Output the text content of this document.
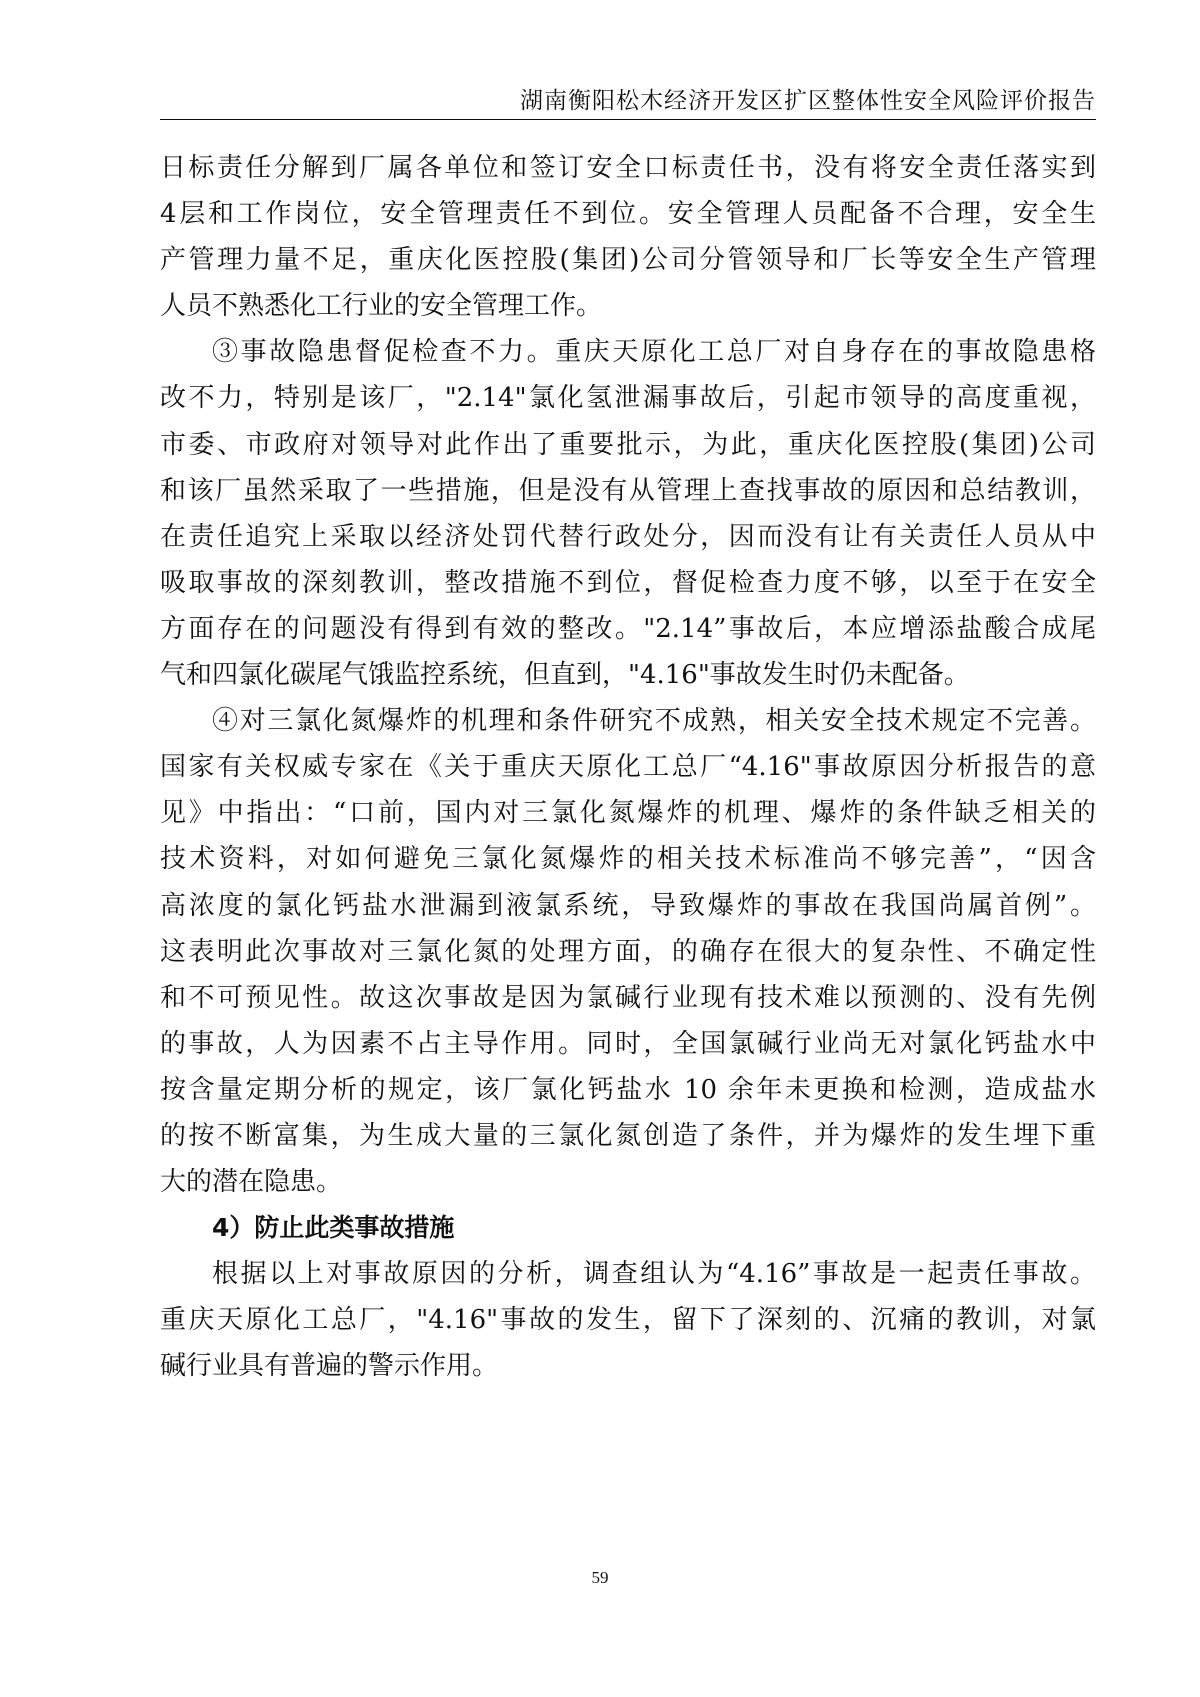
湖南衡阳松木经济开发区扩区整体性安全风险评价报告
日标责任分解到厂属各单位和签订安全口标责任书，没有将安全责任落实到
4层和工作岗位，安全管理责任不到位。安全管理人员配备不合理，安全生
产管理力量不足，重庆化医控股(集团)公司分管领导和厂长等安全生产管理
人员不熟悉化工行业的安全管理工作。
③事故隐患督促检查不力。重庆天原化工总厂对自身存在的事故隐患格
改不力，特别是该厂，"2.14"氯化氢泄漏事故后，引起市领导的高度重视，
市委、市政府对领导对此作出了重要批示，为此，重庆化医控股(集团)公司
和该厂虽然采取了一些措施，但是没有从管理上查找事故的原因和总结教训，
在责任追究上采取以经济处罚代替行政处分，因而没有让有关责任人员从中
吸取事故的深刻教训，整改措施不到位，督促检查力度不够，以至于在安全
方面存在的问题没有得到有效的整改。"2.14”事故后，本应增添盐酸合成尾
气和四氯化碳尾气饿监控系统，但直到，"4.16"事故发生时仍未配备。
④对三氯化氮爆炸的机理和条件研究不成熟，相关安全技术规定不完善。
国家有关权威专家在《关于重庆天原化工总厂“4.16"事故原因分析报告的意
见》中指出：“口前，国内对三氯化氮爆炸的机理、爆炸的条件缺乏相关的
技术资料，对如何避免三氯化氮爆炸的相关技术标准尚不够完善”，“因含
高浓度的氯化钙盐水泄漏到液氯系统，导致爆炸的事故在我国尚属首例”。
这表明此次事故对三氯化氮的处理方面，的确存在很大的复杂性、不确定性
和不可预见性。故这次事故是因为氯碱行业现有技术难以预测的、没有先例
的事故，人为因素不占主导作用。同时，全国氯碱行业尚无对氯化钙盐水中
按含量定期分析的规定，该厂氯化钙盐水 10 余年未更换和检测，造成盐水
的按不断富集，为生成大量的三氯化氮创造了条件，并为爆炸的发生埋下重
大的潜在隐患。
4）防止此类事故措施
根据以上对事故原因的分析，调查组认为“4.16”事故是一起责任事故。
重庆天原化工总厂，"4.16"事故的发生，留下了深刻的、沉痛的教训，对氯
碱行业具有普遍的警示作用。
59
